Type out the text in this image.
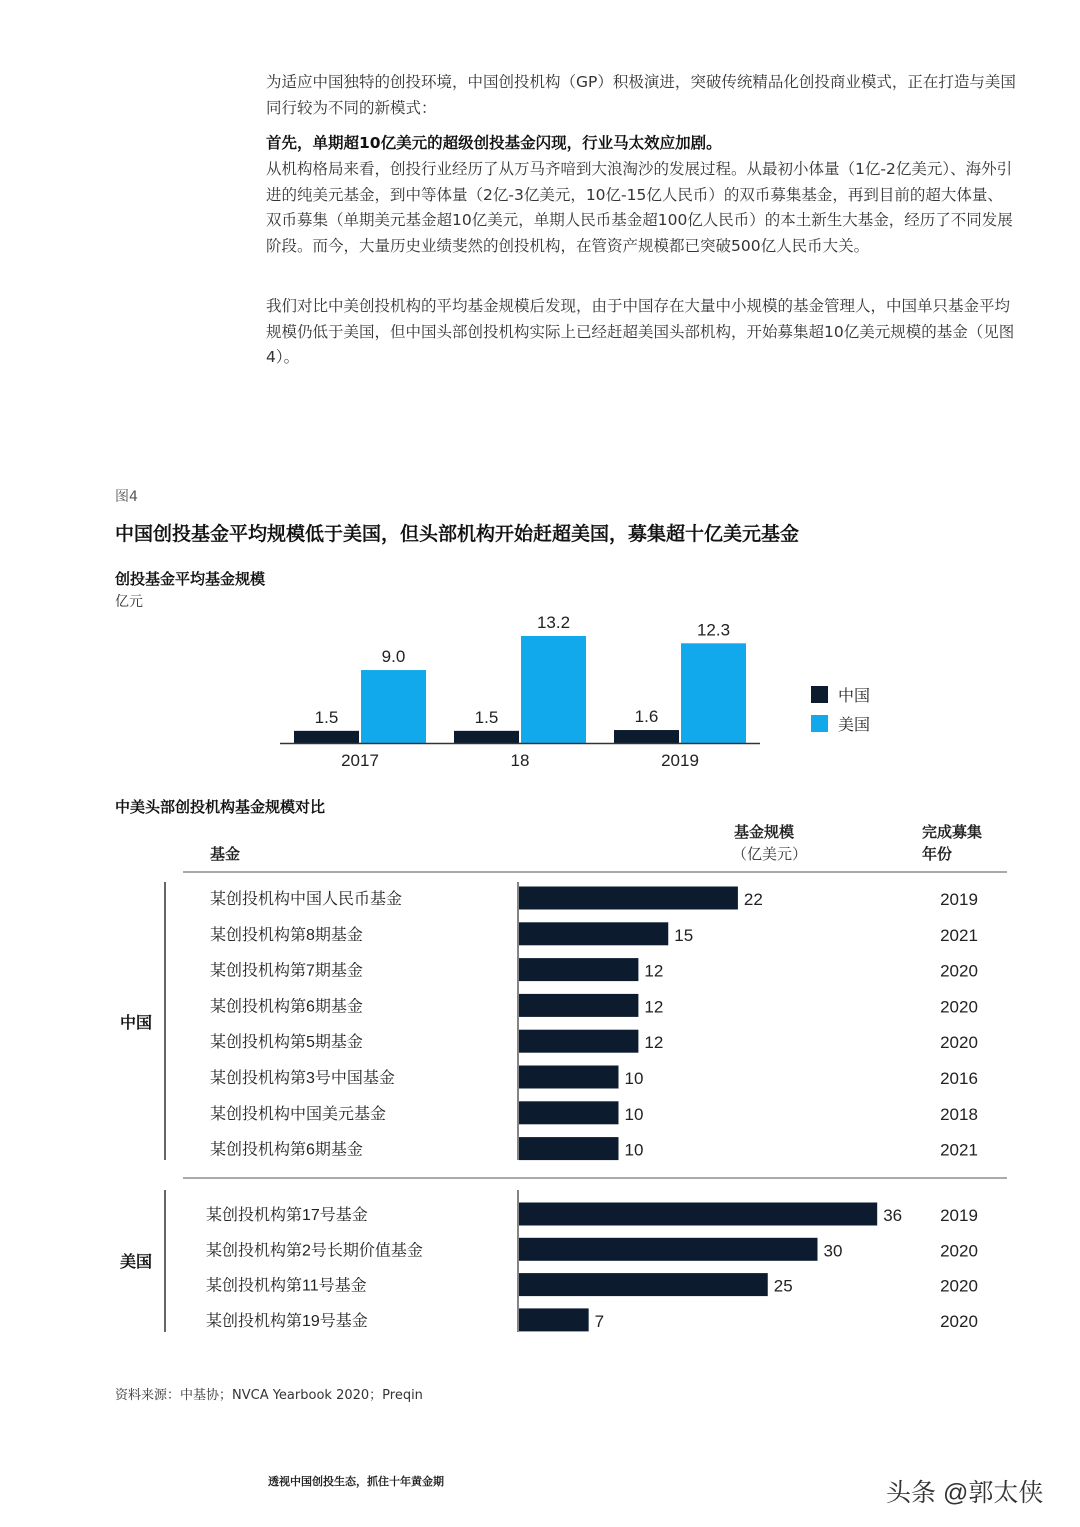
为适应中国独特的创投环境，中国创投机构（GP）积极演进，突破传统精品化创投商业模式，正在打造与美国同行较为不同的新模式：

首先，单期超10亿美元的超级创投基金闪现，行业马太效应加剧。

从机构格局来看，创投行业经历了从万马齐喑到大浪淘沙的发展过程。从最初小体量（1亿-2亿美元）、海外引进的纯美元基金，到中等体量（2亿-3亿美元，10亿-15亿人民币）的双币募集基金，再到目前的超大体量、双币募集（单期美元基金超10亿美元，单期人民币基金超100亿人民币）的本土新生大基金，经历了不同发展阶段。而今，大量历史业绩斐然的创投机构，在管资产规模都已突破500亿人民币大关。

我们对比中美创投机构的平均基金规模后发现，由于中国存在大量中小规模的基金管理人，中国单只基金平均规模仍低于美国，但中国头部创投机构实际上已经赶超美国头部机构，开始募集超10亿美元规模的基金（见图4）。

图4
中国创投基金平均规模低于美国，但头部机构开始赶超美国，募集超十亿美元基金
创投基金平均基金规模
亿元
1.5
9.0
2017
1.5
13.2
18
1.6
12.3
2019
中国
美国
中美头部创投机构基金规模对比
基金
基金规模
（亿美元）
完成募集
年份
中国
某创投机构中国人民币基金	22	2019
某创投机构第8期基金	15	2021
某创投机构第7期基金	12	2020
某创投机构第6期基金	12	2020
某创投机构第5期基金	12	2020
某创投机构第3号中国基金	10	2016
某创投机构中国美元基金	10	2018
某创投机构第6期基金	10	2021
美国
某创投机构第17号基金	36 2019
某创投机构第2号长期价值基金	30	2020
某创投机构第11号基金	25	2020
某创投机构第19号基金	7	2020
资料来源：中基协；NVCA Yearbook 2020；Preqin
透视中国创投生态，抓住十年黄金期	头条 @郭太侠
